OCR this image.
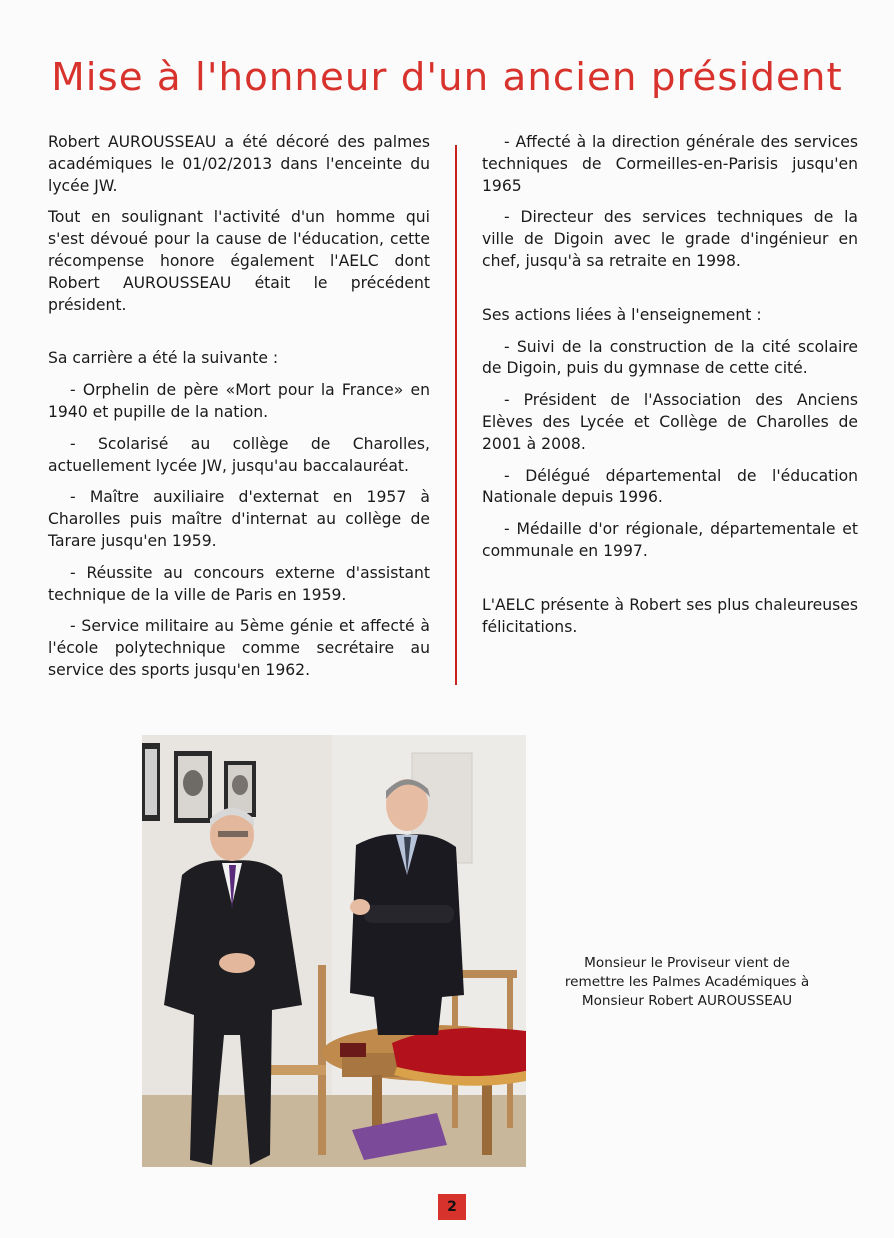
Mise à l'honneur d'un ancien président

Robert AUROUSSEAU a été décoré des palmes académiques le 01/02/2013 dans l'enceinte du lycée JW.

Tout en soulignant l'activité d'un homme qui s'est dévoué pour la cause de l'éducation, cette récompense honore également l'AELC dont Robert AUROUSSEAU était le précédent président.

Sa carrière a été la suivante :

- Orphelin de père «Mort pour la France» en 1940 et pupille de la nation.

- Scolarisé au collège de Charolles, actuellement lycée JW, jusqu'au baccalauréat.

- Maître auxiliaire d'externat en 1957 à Charolles puis maître d'internat au collège de Tarare jusqu'en 1959.

- Réussite au concours externe d'assistant technique de la ville de Paris en 1959.

- Service militaire au 5ème génie et affecté à l'école polytechnique comme secrétaire au service des sports jusqu'en 1962.

- Affecté à la direction générale des services techniques de Cormeilles-en-Parisis jusqu'en 1965

- Directeur des services techniques de la ville de Digoin avec le grade d'ingénieur en chef, jusqu'à sa retraite en 1998.

Ses actions liées à l'enseignement :

- Suivi de la construction de la cité scolaire de Digoin, puis du gymnase de cette cité.

- Président de l'Association des Anciens Elèves des Lycée et Collège de Charolles de 2001 à 2008.

- Délégué départemental de l'éducation Nationale depuis 1996.

- Médaille d'or régionale, départementale et communale en 1997.

L'AELC présente à Robert ses plus chaleureuses félicitations.

Monsieur le Proviseur vient de remettre les Palmes Académiques à Monsieur Robert AUROUSSEAU
2
